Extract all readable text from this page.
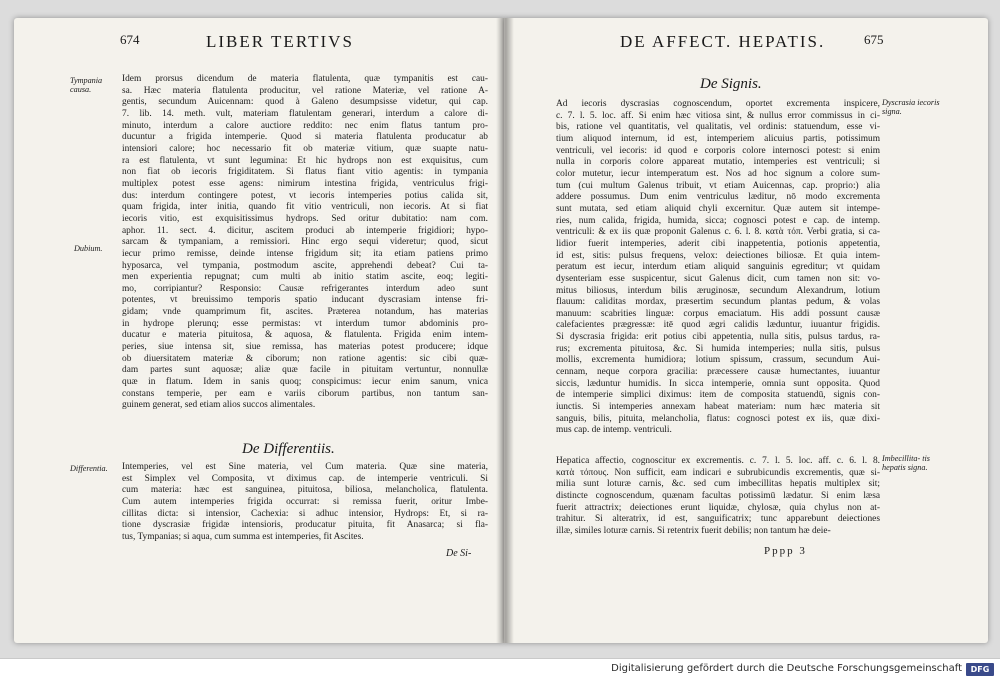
674	LIBER TERTIVS
Tympania causa.
Dubium.
Differentia.
Idem prorsus dicendum de materia flatulenta, quæ tympanitis est cau-
sa. Hæc materia flatulenta producitur, vel ratione Materiæ, vel ratione A-
gentis, secundum Auicennam: quod à Galeno desumpsisse videtur, qui cap.
7. lib. 14. meth. vult, materiam flatulentam generari, interdum a calore di-
minuto, interdum a calore auctiore reddito: nec enim flatus tantum pro-
ducuntur a frigida intemperie. Quod si materia flatulenta producatur ab
intensiori calore; hoc necessario fit ob materiæ vitium, quæ suapte natu-
ra est flatulenta, vt sunt legumina: Et hic hydrops non est exquisitus, cum
non fiat ob iecoris frigiditatem. Si flatus fiant vitio agentis: in tympania
multiplex potest esse agens: nimirum intestina frigida, ventriculus frigi-
dus: interdum contingere potest, vt iecoris intemperies potius calida sit,
quam frigida, inter initia, quando fit vitio ventriculi, non iecoris. At si fiat
iecoris vitio, est exquisitissimus hydrops. Sed oritur dubitatio: nam com.
aphor. 11. sect. 4. dicitur, ascitem produci ab intemperie frigidiori; hypo-
sarcam & tympaniam, a remissiori. Hinc ergo sequi videretur; quod, sicut
iecur primo remisse, deinde intense frigidum sit; ita etiam patiens primo
hyposarca, vel tympania, postmodum ascite, apprehendi debeat? Cui ta-
men experientia repugnat; cum multi ab initio statim ascite, eoq; legiti-
mo, corripiantur? Responsio: Causæ refrigerantes interdum adeo sunt
potentes, vt breuissimo temporis spatio inducant dyscrasiam intense fri-
gidam; vnde quamprimum fit, ascites. Præterea notandum, has materias
in hydrope plerunq; esse permistas: vt interdum tumor abdominis pro-
ducatur e materia pituitosa, & aquosa, & flatulenta. Frigida enim intem-
peries, siue intensa sit, siue remissa, has materias potest producere; idque
ob diuersitatem materiæ & ciborum; non ratione agentis: sic cibi quæ-
dam partes sunt aquosæ; aliæ quæ facile in pituitam vertuntur, nonnullæ
quæ in flatum. Idem in sanis quoq; conspicimus: iecur enim sanum, vnica
constans temperie, per eam e variis ciborum partibus, non tantum san-
guinem generat, sed etiam alios succos alimentales.
De Differentiis.
Intemperies, vel est Sine materia, vel Cum materia. Quæ sine materia,
est Simplex vel Composita, vt diximus cap. de intemperie ventriculi. Si
cum materia: hæc est sanguinea, pituitosa, biliosa, melancholica, flatulenta.
Cum autem intemperies frigida occurrat: si remissa fuerit, oritur Imbe-
cillitas dicta: si intensior, Cachexia: si adhuc intensior, Hydrops: Et, si ra-
tione dyscrasiæ frigidæ intensioris, producatur pituita, fit Anasarca; si fla-
tus, Tympanias; si aqua, cum summa est intemperies, fit Ascites.
De Si-
DE AFFECT. HEPATIS.	675
De Signis.
Dyscrasia iecoris signa.
Imbecillita- tis hepatis signa.
Ad iecoris dyscrasias cognoscendum, oportet excrementa inspicere,
c. 7. l. 5. loc. aff. Si enim hæc vitiosa sint, & nullus error commissus in ci-
bis, ratione vel quantitatis, vel qualitatis, vel ordinis: statuendum, esse vi-
tium aliquod internum, id est, intemperiem alicuius partis, potissimum
ventriculi, vel iecoris: id quod e corporis colore internosci potest: si enim
nulla in corporis colore appareat mutatio, intemperies est ventriculi; si
color mutetur, iecur intemperatum est. Nos ad hoc signum a colore sum-
tum (cui multum Galenus tribuit, vt etiam Auicennas, cap. proprio:) alia
addere possumus. Dum enim ventriculus læditur, nō modo excrementa
sunt mutata, sed etiam aliquid chyli excernitur. Quæ autem sit intempe-
ries, num calida, frigida, humida, sicca; cognosci potest e cap. de intemp.
ventriculi: & ex iis quæ proponit Galenus c. 6. l. 8. κατὰ τόπ. Verbi gratia, si ca-
lidior fuerit intemperies, aderit cibi inappetentia, potionis appetentia,
id est, sitis: pulsus frequens, velox: deiectiones biliosæ. Et quia intem-
peratum est iecur, interdum etiam aliquid sanguinis egreditur; vt quidam
dysenteriam esse suspicentur, sicut Galenus dicit, cum tamen non sit: vo-
mitus biliosus, interdum bilis æruginosæ, secundum Alexandrum, lotium
flauum: caliditas mordax, præsertim secundum plantas pedum, & volas
manuum: scabrities linguæ: corpus emaciatum. His addi possunt causæ
calefacientes prægressæ: itē quod ægri calidis læduntur, iuuantur frigidis.
Si dyscrasia frigida: erit potius cibi appetentia, nulla sitis, pulsus tardus, ra-
rus; excrementa pituitosa, &c. Si humida intemperies; nulla sitis, pulsus
mollis, excrementa humidiora; lotium spissum, crassum, secundum Aui-
cennam, neque corpora gracilia: præcessere causæ humectantes, iuuantur
siccis, læduntur humidis. In sicca intemperie, omnia sunt opposita. Quod
de intemperie simplici diximus: item de composita statuendū, signis con-
iunctis. Si intemperies annexam habeat materiam: num hæc materia sit
sanguis, bilis, pituita, melancholia, flatus: cognosci potest ex iis, quæ dixi-
mus cap. de intemp. ventriculi.
Hepatica affectio, cognoscitur ex excrementis. c. 7. l. 5. loc. aff. c. 6. l. 8.
κατὰ τόπους. Non sufficit, eam indicari e subrubicundis excrementis, quæ si-
milia sunt loturæ carnis, &c. sed cum imbecillitas hepatis multiplex sit;
distincte cognoscendum, quænam facultas potissimū lædatur. Si enim læsa
fuerit attractrix; deiectiones erunt liquidæ, chylosæ, quia chylus non at-
trahitur. Si alteratrix, id est, sanguificatrix; tunc apparebunt deiectiones
illæ, similes loturæ carnis. Si retentrix fuerit debilis; non tantum hæ deie-
Pppp 3
Digitalisierung gefördert durch die Deutsche Forschungsgemeinschaft	DFG
